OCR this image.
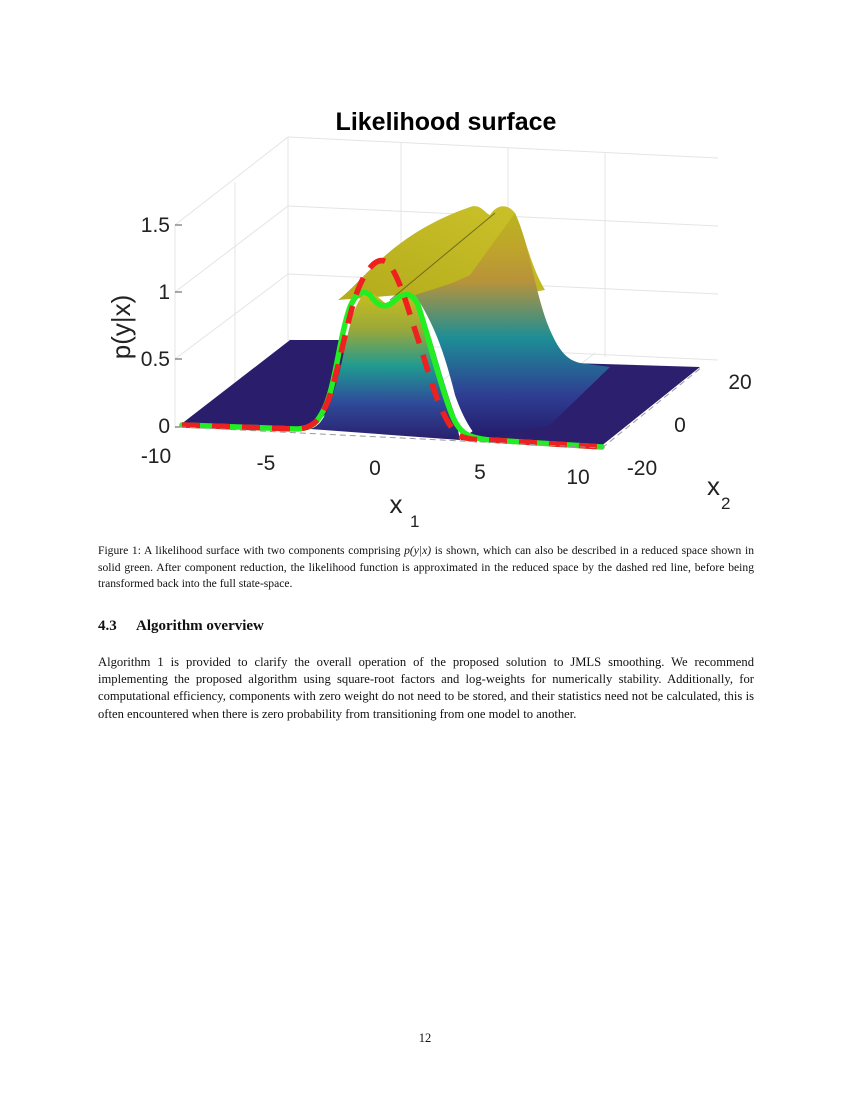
Likelihood surface
0
0.5
1
1.5
p(y|x)
-10	-5	0	5	10
x
1
-20
0
20
x
2
Figure 1: A likelihood surface with two components comprising p(y|x) is shown, which can also be described in a reduced space shown in solid green. After component reduction, the likelihood function is approximated in the reduced space by the dashed red line, before being transformed back into the full state-space.
4.3 Algorithm overview
Algorithm 1 is provided to clarify the overall operation of the proposed solution to JMLS smoothing. We recommend implementing the proposed algorithm using square-root factors and log-weights for numerically stability. Additionally, for computational efficiency, components with zero weight do not need to be stored, and their statistics need not be calculated, this is often encountered when there is zero probability from transitioning from one model to another.
12
